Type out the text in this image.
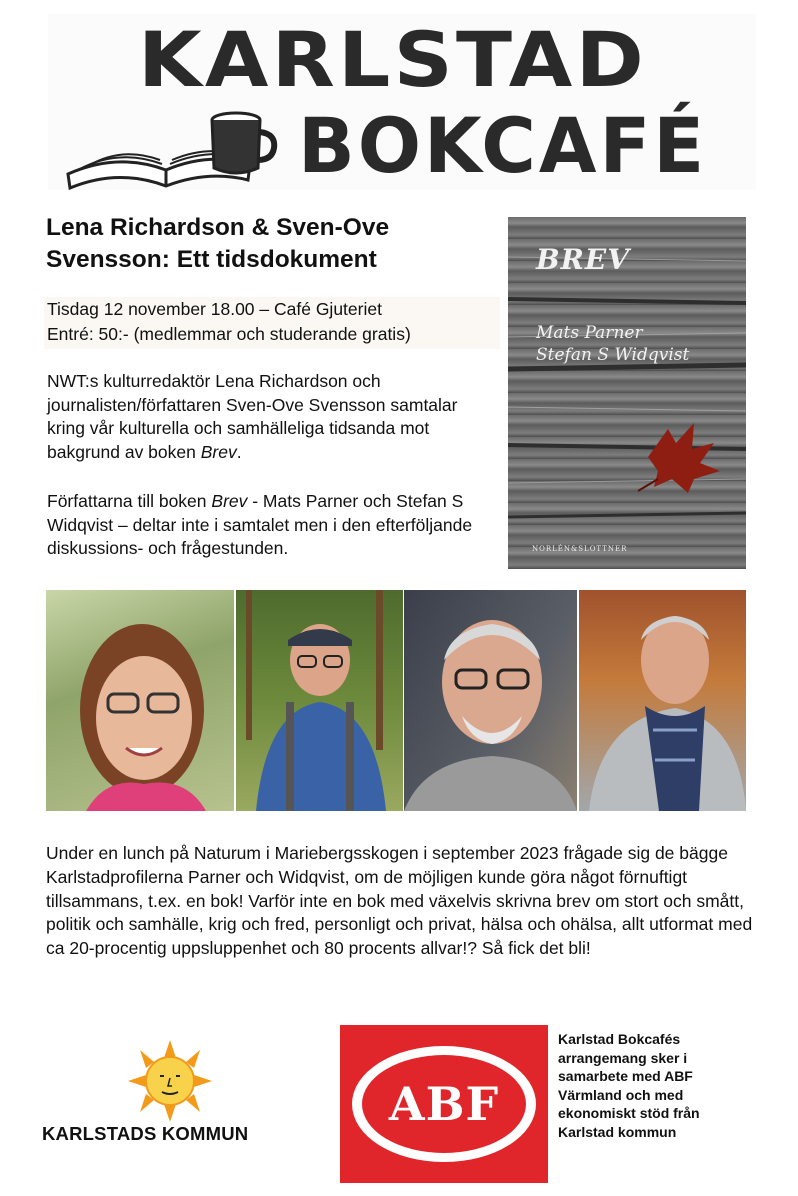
KARLSTAD
BOKCAFÉ
Lena Richardson & Sven-Ove
Svensson: Ett tidsdokument
Tisdag 12 november 18.00 – Café Gjuteriet
Entré: 50:- (medlemmar och studerande gratis)
NWT:s kulturredaktör Lena Richardson och journalisten/författaren Sven-Ove Svensson samtalar kring vår kulturella och samhälleliga tidsanda mot bakgrund av boken Brev.
Författarna till boken Brev - Mats Parner och Stefan S Widqvist – deltar inte i samtalet men i den efterföljande diskussions- och frågestunden.
BREV
Mats Parner
Stefan S Widqvist
NORLÉN&SLOTTNER
Under en lunch på Naturum i Mariebergsskogen i september 2023 frågade sig de bägge Karlstadprofilerna Parner och Widqvist, om de möjligen kunde göra något förnuftigt tillsammans, t.ex. en bok! Varför inte en bok med växelvis skrivna brev om stort och smått, politik och samhälle, krig och fred, personligt och privat, hälsa och ohälsa, allt utformat med ca 20-procentig uppsluppenhet och 80 procents allvar!? Så fick det bli!
KARLSTADS KOMMUN
ABF
Karlstad Bokcafés arrangemang sker i samarbete med ABF Värmland och med ekonomiskt stöd från Karlstad kommun
